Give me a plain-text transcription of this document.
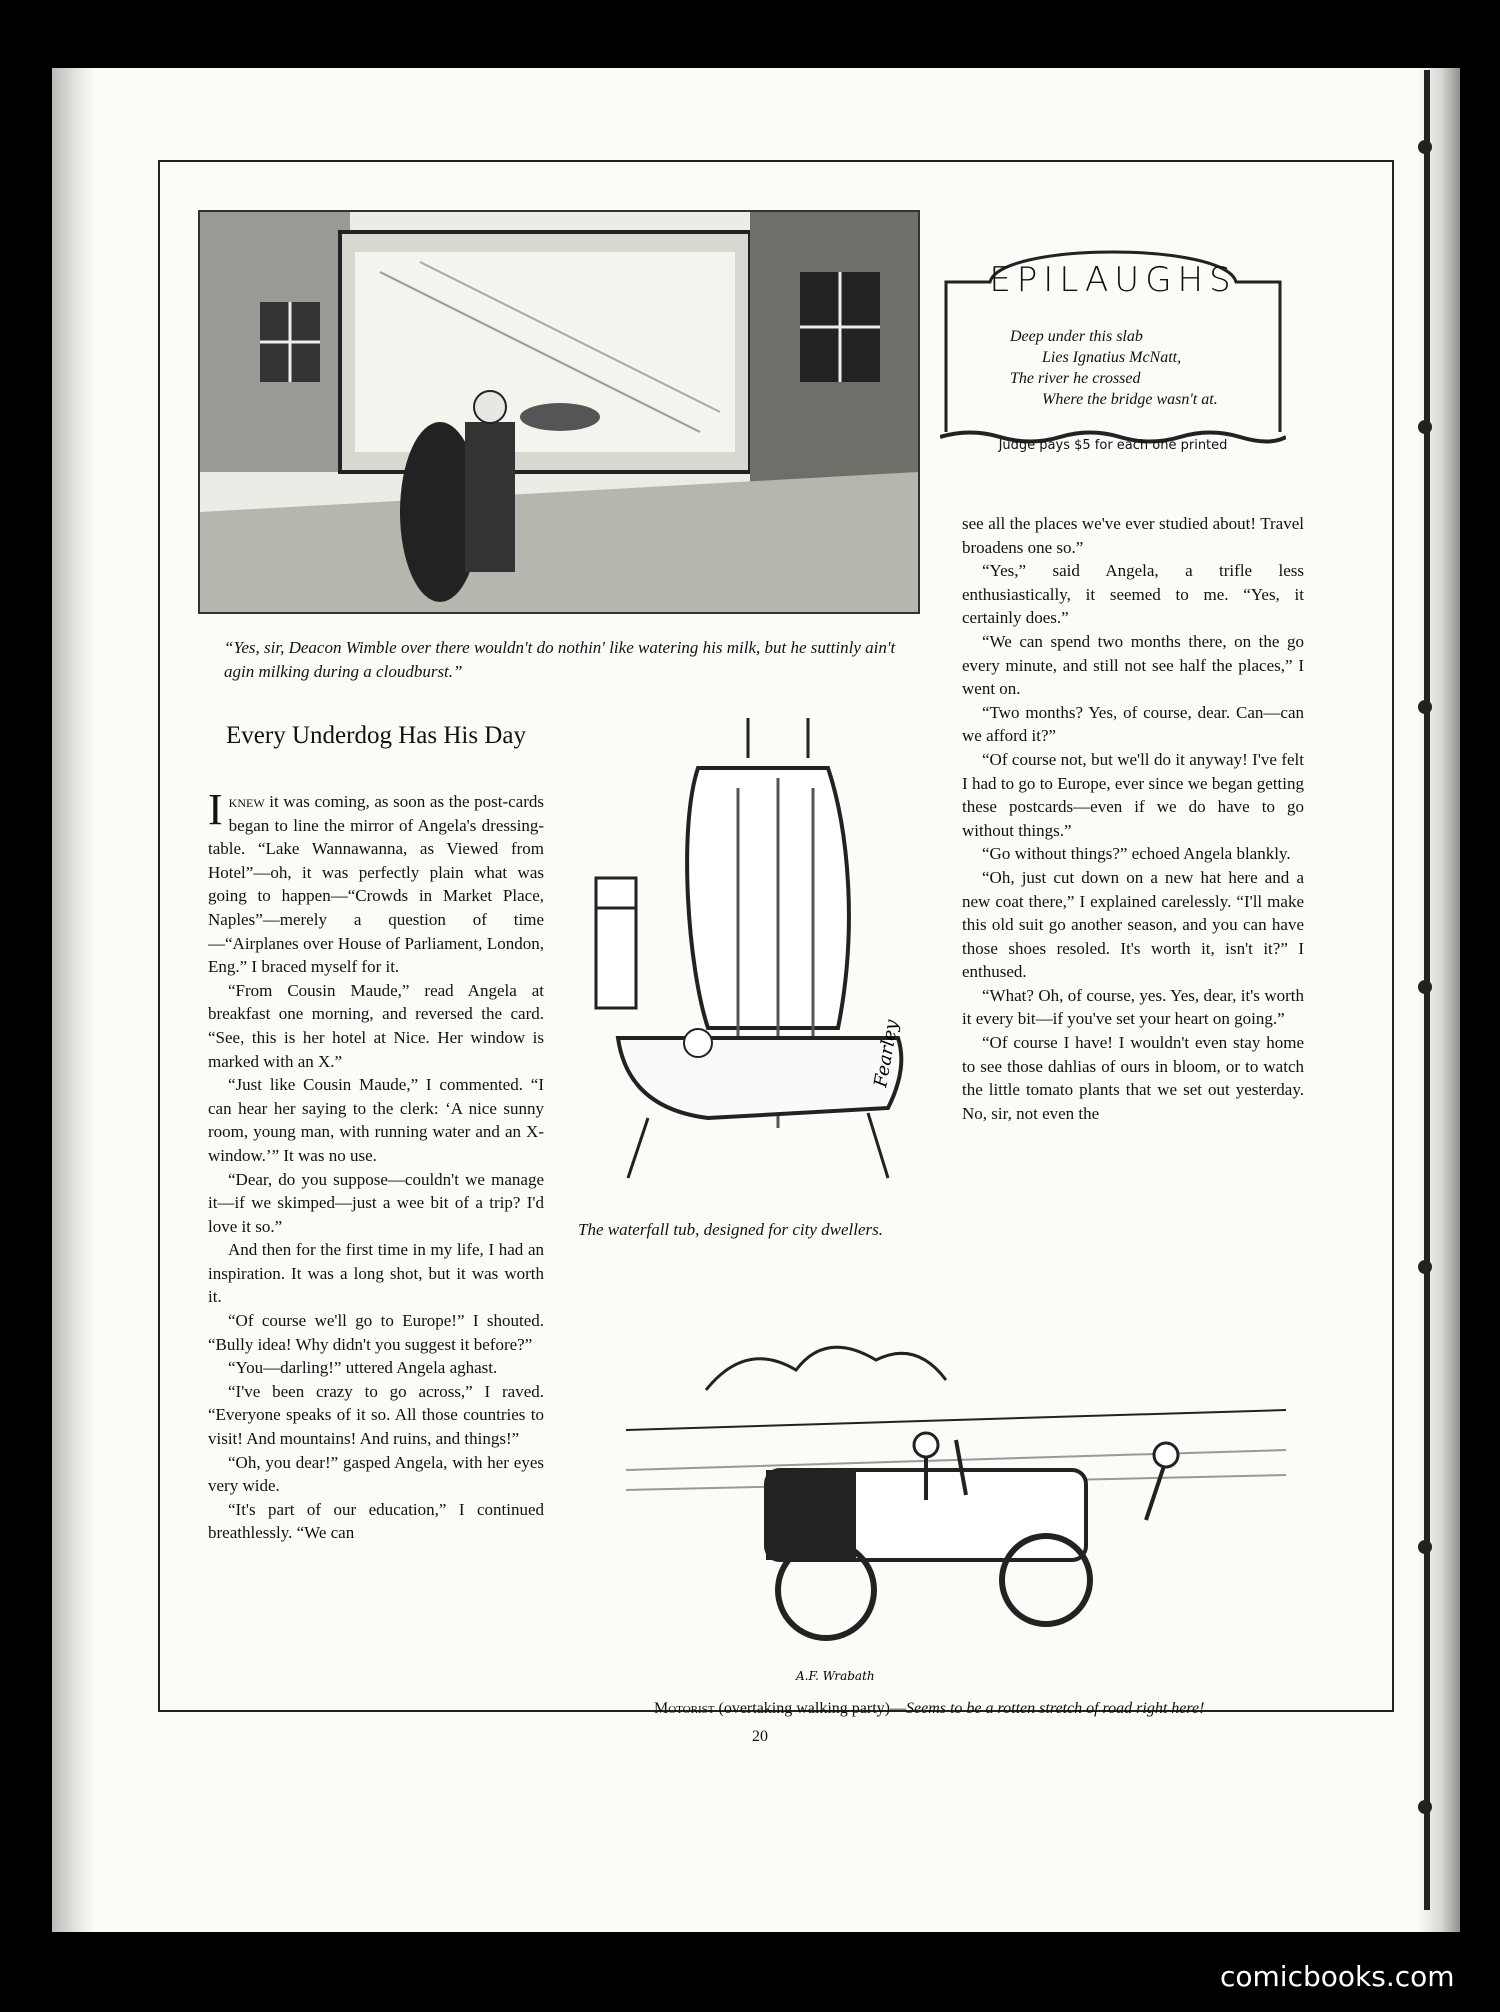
“Yes, sir, Deacon Wimble over there wouldn't do nothin' like watering his milk, but he suttinly ain't agin milking during a cloudburst.”
EPILAUGHS
Deep under this slab
Lies Ignatius McNatt,
The river he crossed
Where the bridge wasn't at.
Judge pays $5 for each one printed
Every Underdog Has His Day

Iknew it was coming, as soon as the post-cards began to line the mirror of Angela's dressing-table. “Lake Wannawanna, as Viewed from Hotel”—oh, it was perfectly plain what was going to happen—“Crowds in Market Place, Naples”—merely a question of time —“Airplanes over House of Parliament, London, Eng.” I braced myself for it.

“From Cousin Maude,” read Angela at breakfast one morning, and reversed the card. “See, this is her hotel at Nice. Her window is marked with an X.”

“Just like Cousin Maude,” I commented. “I can hear her saying to the clerk: ‘A nice sunny room, young man, with running water and an X-window.’” It was no use.

“Dear, do you suppose—couldn't we manage it—if we skimped—just a wee bit of a trip? I'd love it so.”

And then for the first time in my life, I had an inspiration. It was a long shot, but it was worth it.

“Of course we'll go to Europe!” I shouted. “Bully idea! Why didn't you suggest it before?”

“You—darling!” uttered Angela aghast.

“I've been crazy to go across,” I raved. “Everyone speaks of it so. All those countries to visit! And mountains! And ruins, and things!”

“Oh, you dear!” gasped Angela, with her eyes very wide.

“It's part of our education,” I continued breathlessly. “We can

Fearley
The waterfall tub, designed for city dwellers.

see all the places we've ever studied about! Travel broadens one so.”

“Yes,” said Angela, a trifle less enthusiastically, it seemed to me. “Yes, it certainly does.”

“We can spend two months there, on the go every minute, and still not see half the places,” I went on.

“Two months? Yes, of course, dear. Can—can we afford it?”

“Of course not, but we'll do it anyway! I've felt I had to go to Europe, ever since we began getting these postcards—even if we do have to go without things.”

“Go without things?” echoed Angela blankly.

“Oh, just cut down on a new hat here and a new coat there,” I explained carelessly. “I'll make this old suit go another season, and you can have those shoes resoled. It's worth it, isn't it?” I enthused.

“What? Oh, of course, yes. Yes, dear, it's worth it every bit—if you've set your heart on going.”

“Of course I have! I wouldn't even stay home to see those dahlias of ours in bloom, or to watch the little tomato plants that we set out yesterday. No, sir, not even the

A.F. Wrabath
Motorist (overtaking walking party)—Seems to be a rotten stretch of road right here!
20
comicbooks.com
